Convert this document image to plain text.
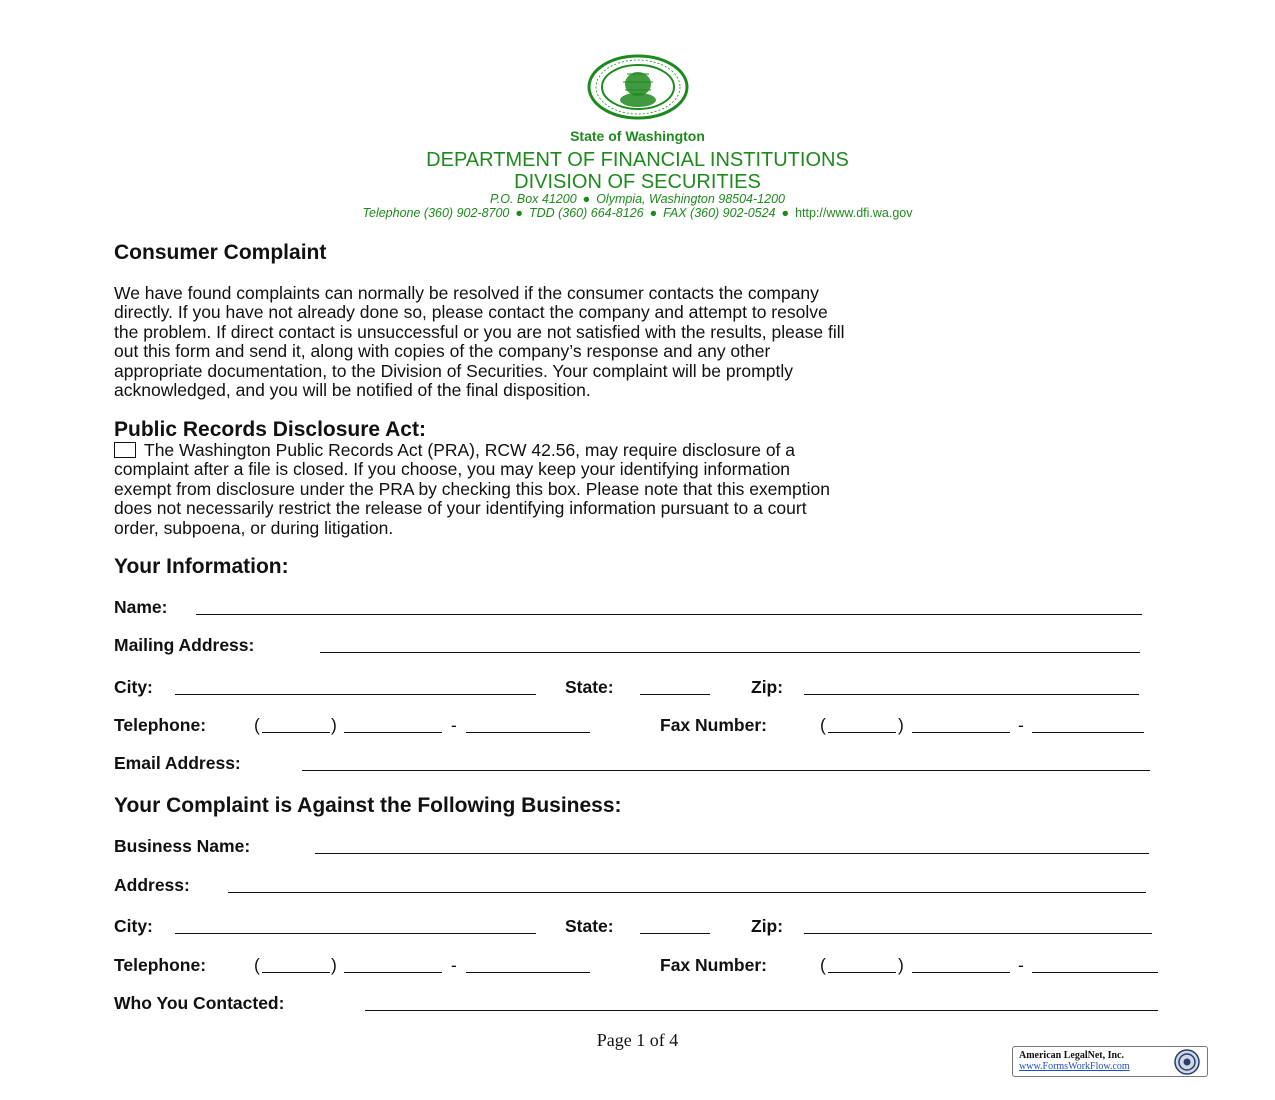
State of Washington
DEPARTMENT OF FINANCIAL INSTITUTIONS
DIVISION OF SECURITIES
P.O. Box 41200 ● Olympia, Washington 98504-1200
Telephone (360) 902-8700 ● TDD (360) 664-8126 ● FAX (360) 902-0524 ● http://www.dfi.wa.gov
Consumer Complaint
We have found complaints can normally be resolved if the consumer contacts the company
directly. If you have not already done so, please contact the company and attempt to resolve
the problem. If direct contact is unsuccessful or you are not satisfied with the results, please fill
out this form and send it, along with copies of the company’s response and any other
appropriate documentation, to the Division of Securities. Your complaint will be promptly
acknowledged, and you will be notified of the final disposition.
Public Records Disclosure Act:
The Washington Public Records Act (PRA), RCW 42.56, may require disclosure of a
complaint after a file is closed. If you choose, you may keep your identifying information
exempt from disclosure under the PRA by checking this box. Please note that this exemption
does not necessarily restrict the release of your identifying information pursuant to a court
order, subpoena, or during litigation.
Your Information:
Name:
Mailing Address:
City:	State:	Zip:
Telephone:	(	)	-	Fax Number:	(	)	-
Email Address:
Your Complaint is Against the Following Business:
Business Name:
Address:
City:	State:	Zip:
Telephone:	(	)	-	Fax Number:	(	)	-
Who You Contacted:
Page 1 of 4
American LegalNet, Inc.
www.FormsWorkFlow.com
